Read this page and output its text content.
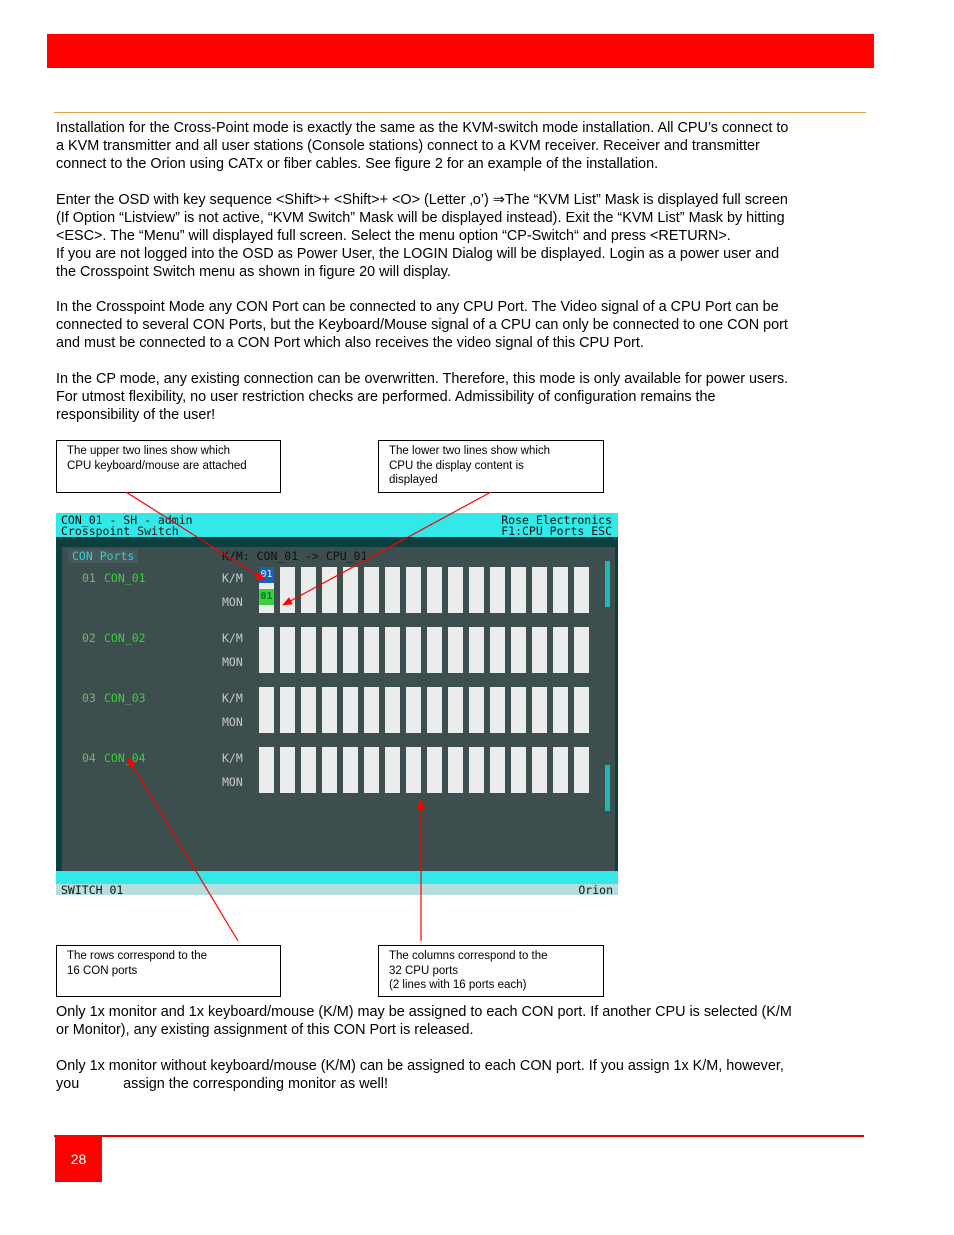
Installation for the Cross-Point mode is exactly the same as the KVM-switch mode installation. All CPU’s connect to
a KVM transmitter and all user stations (Console stations) connect to a KVM receiver. Receiver and transmitter
connect to the Orion using CATx or fiber cables. See figure 2 for an example of the installation.

Enter the OSD with key sequence <Shift>+ <Shift>+ <O> (Letter ‚o’) ⇒The “KVM List” Mask is displayed full screen
(If Option “Listview” is not active, “KVM Switch” Mask will be displayed instead). Exit the “KVM List” Mask by hitting
<ESC>. The “Menu” will displayed full screen. Select the menu option “CP-Switch“ and press <RETURN>.
If you are not logged into the OSD as Power User, the LOGIN Dialog will be displayed. Login as a power user and
the Crosspoint Switch menu as shown in figure 20 will display.

In the Crosspoint Mode any CON Port can be connected to any CPU Port. The Video signal of a CPU Port can be
connected to several CON Ports, but the Keyboard/Mouse signal of a CPU can only be connected to one CON port
and must be connected to a CON Port which also receives the video signal of this CPU Port.

In the CP mode, any existing connection can be overwritten. Therefore, this mode is only available for power users.
For utmost flexibility, no user restriction checks are performed. Admissibility of configuration remains the
responsibility of the user!

The upper two lines show which
CPU keyboard/mouse are attached
The lower two lines show which
CPU the display content is
displayed
CON_01 - SH - admin	Rose Electronics
Crosspoint Switch	F1:CPU Ports ESC
CON Ports	K/M: CON_01 -> CPU_01
01 CON_01	K/M
MON
01
01
02 CON_02	K/M
MON
03 CON_03	K/M
MON
04 CON_04	K/M
MON
SWITCH 01	Orion
The rows correspond to the
16 CON ports
The columns correspond to the
32 CPU ports
(2 lines with 16 ports each)

Only 1x monitor and 1x keyboard/mouse (K/M) may be assigned to each CON port. If another CPU is selected (K/M
or Monitor), any existing assignment of this CON Port is released.

Only 1x monitor without keyboard/mouse (K/M) can be assigned to each CON port. If you assign 1x K/M, however,
you           assign the corresponding monitor as well!

28
